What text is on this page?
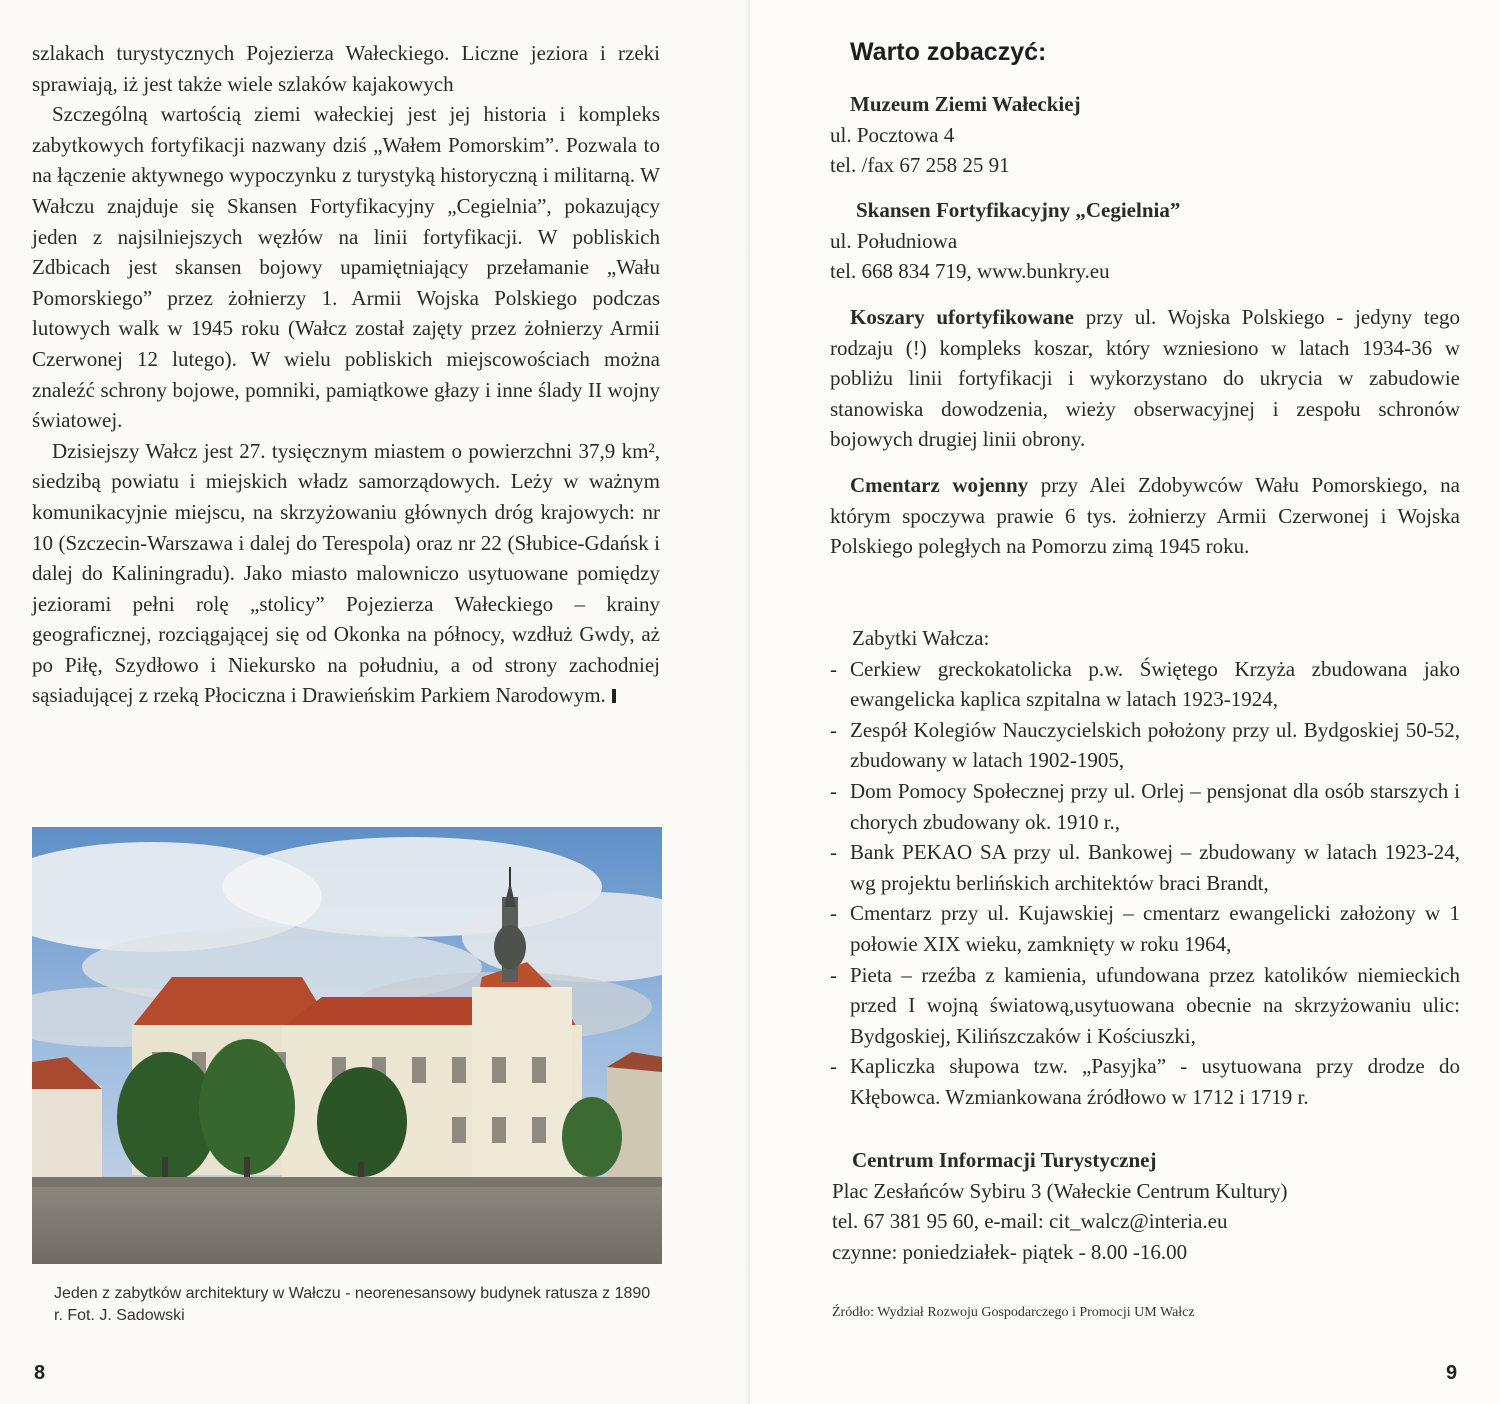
szlakach turystycznych Pojezierza Wałeckiego. Liczne jeziora i rzeki sprawiają, iż jest także wiele szlaków kajakowych

Szczególną wartością ziemi wałeckiej jest jej historia i kompleks zabytkowych fortyfikacji nazwany dziś „Wałem Pomorskim”. Pozwala to na łączenie aktywnego wypoczynku z turystyką historyczną i militarną. W Wałczu znajduje się Skansen Fortyfikacyjny „Cegielnia”, pokazujący jeden z najsilniejszych węzłów na linii fortyfikacji. W pobliskich Zdbicach jest skansen bojowy upamiętniający przełamanie „Wału Pomorskiego” przez żołnierzy 1. Armii Wojska Polskiego podczas lutowych walk w 1945 roku (Wałcz został zajęty przez żołnierzy Armii Czerwonej 12 lutego). W wielu pobliskich miejscowościach można znaleźć schrony bojowe, pomniki, pamiątkowe głazy i inne ślady II wojny światowej.

Dzisiejszy Wałcz jest 27. tysięcznym miastem o powierzchni 37,9 km², siedzibą powiatu i miejskich władz samorządowych. Leży w ważnym komunikacyjnie miejscu, na skrzyżowaniu głównych dróg krajowych: nr 10 (Szczecin-Warszawa i dalej do Terespola) oraz nr 22 (Słubice-Gdańsk i dalej do Kaliningradu). Jako miasto malowniczo usytuowane pomiędzy jeziorami pełni rolę „stolicy” Pojezierza Wałeckiego – krainy geograficznej, rozciągającej się od Okonka na północy, wzdłuż Gwdy, aż po Piłę, Szydłowo i Niekursko na południu, a od strony zachodniej sąsiadującej z rzeką Płociczna i Drawieńskim Parkiem Narodowym.

Jeden z zabytków architektury w Wałczu - neorenesansowy budynek ratusza z 1890 r. Fot. J. Sadowski
8
Warto zobaczyć:
Muzeum Ziemi Wałeckiej
ul. Pocztowa 4
tel. /fax 67 258 25 91
Skansen Fortyfikacyjny „Cegielnia”
ul. Południowa
tel. 668 834 719, www.bunkry.eu
Koszary ufortyfikowane przy ul. Wojska Polskiego - jedyny tego rodzaju (!) kompleks koszar, który wzniesiono w latach 1934-36 w pobliżu linii fortyfikacji i wykorzystano do ukrycia w zabudowie stanowiska dowodzenia, wieży obserwacyjnej i zespołu schronów bojowych drugiej linii obrony.
Cmentarz wojenny przy Alei Zdobywców Wału Pomorskiego, na którym spoczywa prawie 6 tys. żołnierzy Armii Czerwonej i Wojska Polskiego poległych na Pomorzu zimą 1945 roku.
Zabytki Wałcza:
- Cerkiew greckokatolicka p.w. Świętego Krzyża zbudowana jako ewangelicka kaplica szpitalna w latach 1923-1924,
- Zespół Kolegiów Nauczycielskich położony przy ul. Bydgoskiej 50-52, zbudowany w latach 1902-1905,
- Dom Pomocy Społecznej przy ul. Orlej – pensjonat dla osób starszych i chorych zbudowany ok. 1910 r.,
- Bank PEKAO SA przy ul. Bankowej – zbudowany w latach 1923-24, wg projektu berlińskich architektów braci Brandt,
- Cmentarz przy ul. Kujawskiej – cmentarz ewangelicki założony w 1 połowie XIX wieku, zamknięty w roku 1964,
- Pieta – rzeźba z kamienia, ufundowana przez katolików niemieckich przed I wojną światową,usytuowana obecnie na skrzyżowaniu ulic: Bydgoskiej, Kilińszczaków i Kościuszki,
- Kapliczka słupowa tzw. „Pasyjka” - usytuowana przy drodze do Kłębowca. Wzmiankowana źródłowo w 1712 i 1719 r.
Centrum Informacji Turystycznej
Plac Zesłańców Sybiru 3 (Wałeckie Centrum Kultury)
tel. 67 381 95 60, e-mail: cit_walcz@interia.eu
czynne: poniedziałek- piątek - 8.00 -16.00
Źródło: Wydział Rozwoju Gospodarczego i Promocji UM Wałcz
9
